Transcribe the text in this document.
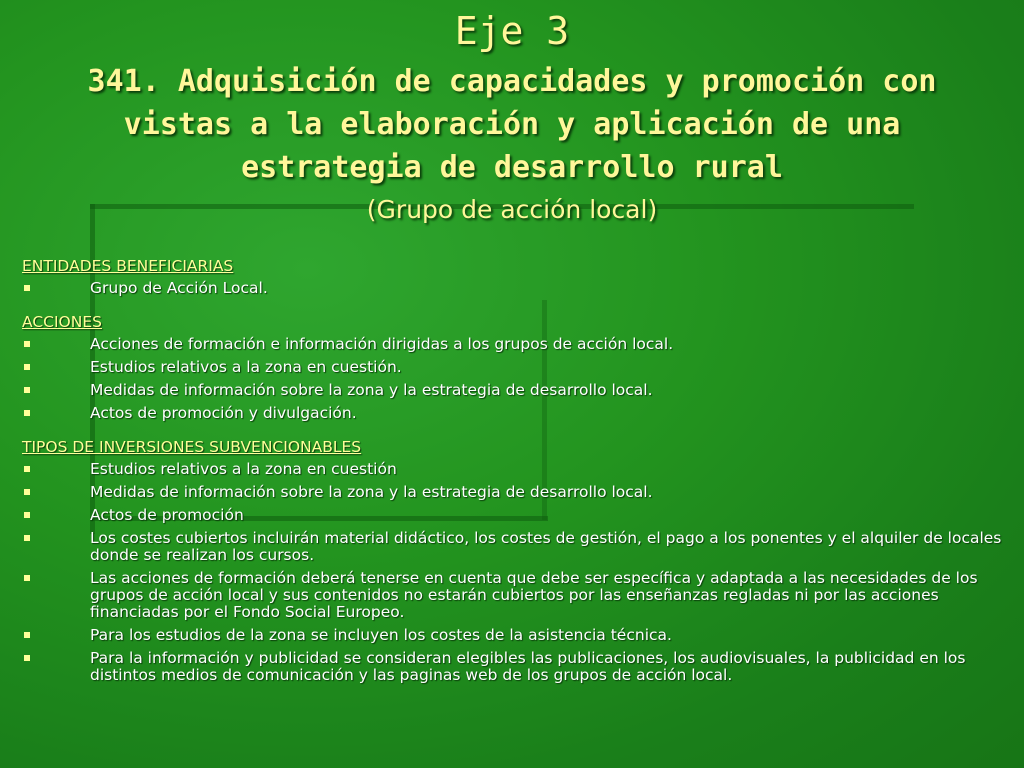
Eje 3
341. Adquisición de capacidades y promoción con vistas a la elaboración y aplicación de una estrategia de desarrollo rural
(Grupo de acción local)
ENTIDADES BENEFICIARIAS
Grupo de Acción Local.
ACCIONES
Acciones de formación e información dirigidas a los grupos de acción local.
Estudios relativos a la zona en cuestión.
Medidas de información sobre la zona y la estrategia de desarrollo local.
Actos de promoción y divulgación.
TIPOS DE INVERSIONES SUBVENCIONABLES
Estudios relativos a la zona en cuestión
Medidas de información sobre la zona y la estrategia de desarrollo local.
Actos de promoción
Los costes cubiertos incluirán material didáctico, los costes de gestión, el pago a los ponentes y el alquiler de locales donde se realizan los cursos.
Las acciones de formación deberá tenerse en cuenta que debe ser específica y adaptada a las necesidades de los grupos de acción local y sus contenidos no estarán cubiertos por las enseñanzas regladas ni por las acciones financiadas por el Fondo Social Europeo.
Para los estudios de la zona se incluyen los costes de la asistencia técnica.
Para la información y publicidad se consideran elegibles las publicaciones, los audiovisuales, la publicidad en los distintos medios de comunicación y las paginas web de los grupos de acción local.
